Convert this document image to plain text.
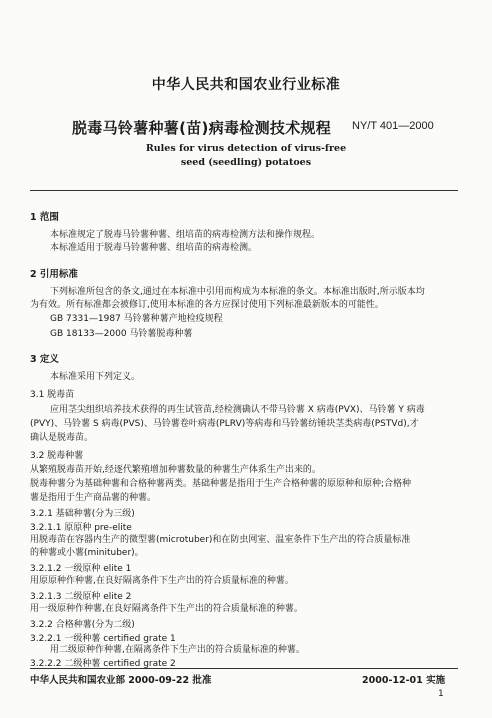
中华人民共和国农业行业标准
脱毒马铃薯种薯(苗)病毒检测技术规程 NY/T 401—2000
Rules for virus detection of virus-free
seed (seedling) potatoes
1 范围
本标准规定了脱毒马铃薯种薯、组培苗的病毒检测方法和操作规程。
本标准适用于脱毒马铃薯种薯、组培苗的病毒检测。
2 引用标准
下列标准所包含的条文,通过在本标准中引用而构成为本标准的条文。本标准出版时,所示版本均
为有效。所有标准都会被修订,使用本标准的各方应探讨使用下列标准最新版本的可能性。
GB 7331—1987 马铃薯种薯产地检疫规程
GB 18133—2000 马铃薯脱毒种薯
3 定义
本标准采用下列定义。
3.1 脱毒苗
应用茎尖组织培养技术获得的再生试管苗,经检测确认不带马铃薯 X 病毒(PVX)、马铃薯 Y 病毒
(PVY)、马铃薯 S 病毒(PVS)、马铃薯卷叶病毒(PLRV)等病毒和马铃薯纺锤块茎类病毒(PSTVd),才
确认是脱毒苗。
3.2 脱毒种薯
从繁殖脱毒苗开始,经逐代繁殖增加种薯数量的种薯生产体系生产出来的。
脱毒种薯分为基础种薯和合格种薯两类。基础种薯是指用于生产合格种薯的原原种和原种;合格种
薯是指用于生产商品薯的种薯。
3.2.1 基础种薯(分为三级)
3.2.1.1 原原种 pre-elite
用脱毒苗在容器内生产的微型薯(microtuber)和在防虫网室、温室条件下生产出的符合质量标准
的种薯或小薯(minituber)。
3.2.1.2 一级原种 elite 1
用原原种作种薯,在良好隔离条件下生产出的符合质量标准的种薯。
3.2.1.3 二级原种 elite 2
用一级原种作种薯,在良好隔离条件下生产出的符合质量标准的种薯。
3.2.2 合格种薯(分为二级)
3.2.2.1 一级种薯 certified grate 1
用二级原种作种薯,在隔离条件下生产出的符合质量标准的种薯。
3.2.2.2 二级种薯 certified grate 2
中华人民共和国农业部 2000-09-22 批准	2000-12-01 实施
1
